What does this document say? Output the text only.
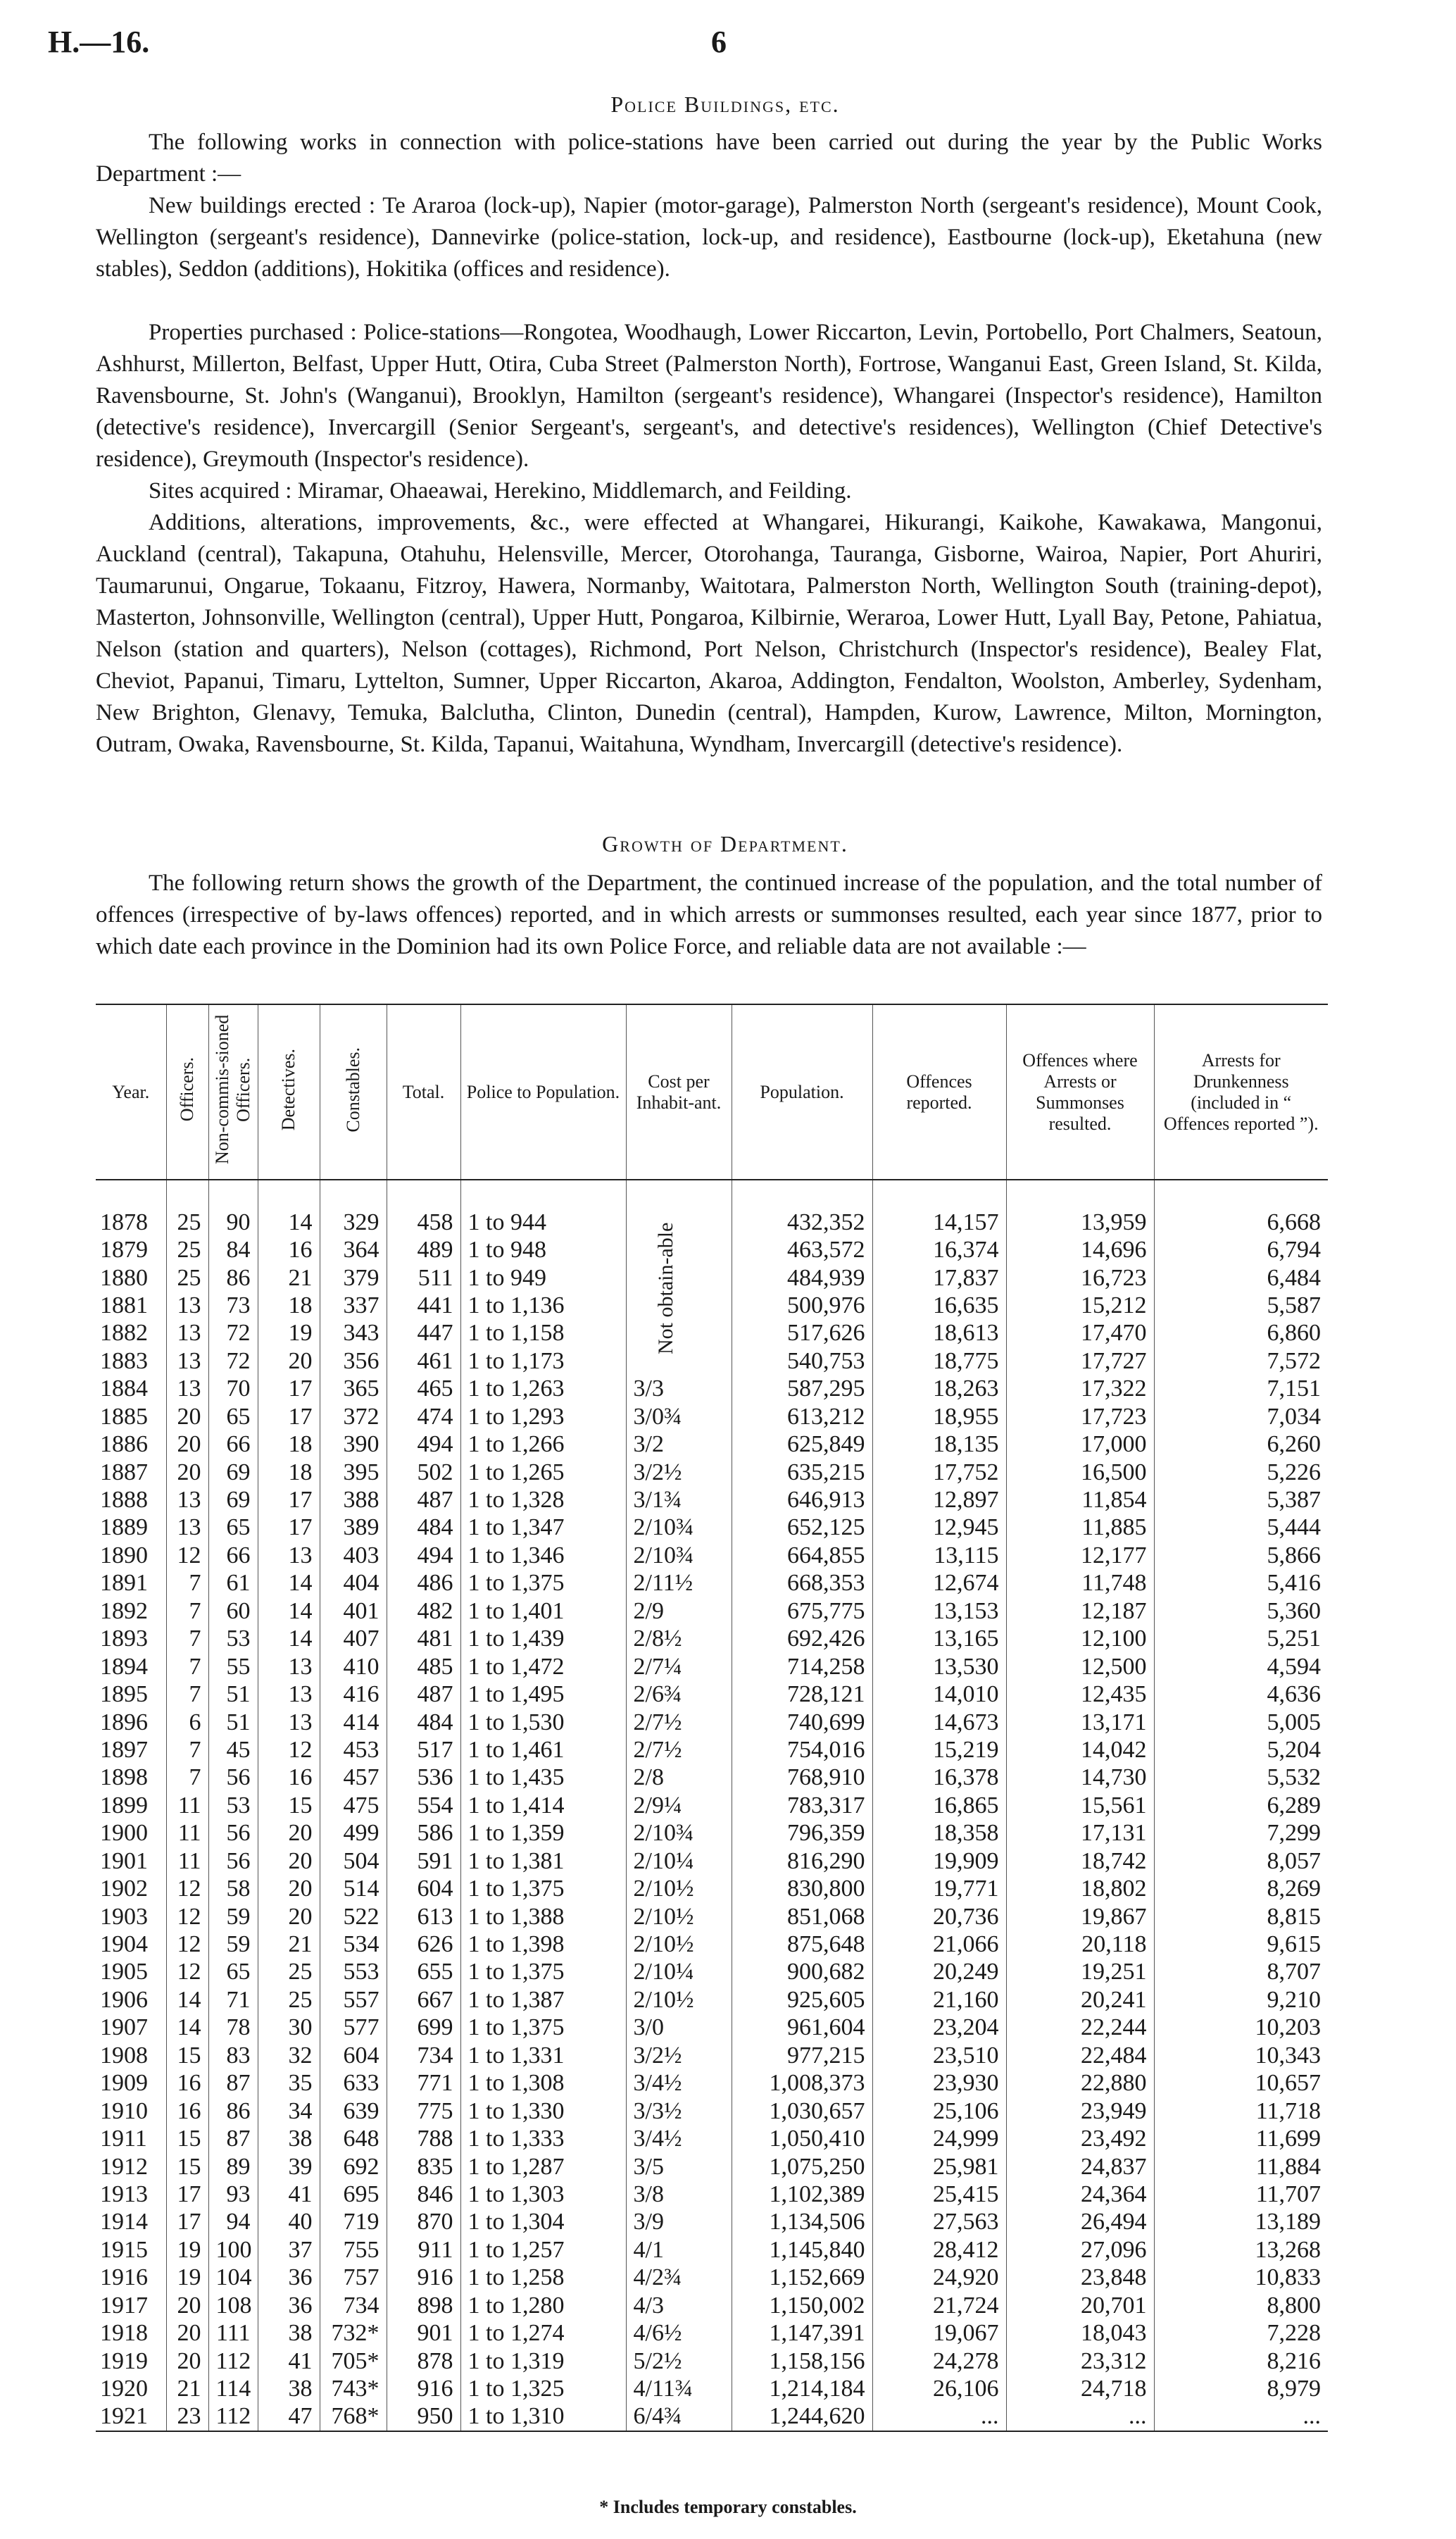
H.—16.	6
Police Buildings, etc.

The following works in connection with police-stations have been carried out during the year by the Public Works Department :—

New buildings erected : Te Araroa (lock-up), Napier (motor-garage), Palmerston North (sergeant's residence), Mount Cook, Wellington (sergeant's residence), Dannevirke (police-station, lock-up, and residence), Eastbourne (lock-up), Eketahuna (new stables), Seddon (additions), Hokitika (offices and residence).

Properties purchased : Police-stations—Rongotea, Woodhaugh, Lower Riccarton, Levin, Portobello, Port Chalmers, Seatoun, Ashhurst, Millerton, Belfast, Upper Hutt, Otira, Cuba Street (Palmerston North), Fortrose, Wanganui East, Green Island, St. Kilda, Ravensbourne, St. John's (Wanganui), Brooklyn, Hamilton (sergeant's residence), Whangarei (Inspector's residence), Hamilton (detective's residence), Invercargill (Senior Sergeant's, sergeant's, and detective's residences), Wellington (Chief Detective's residence), Greymouth (Inspector's residence).

Sites acquired : Miramar, Ohaeawai, Herekino, Middlemarch, and Feilding.

Additions, alterations, improvements, &c., were effected at Whangarei, Hikurangi, Kaikohe, Kawakawa, Mangonui, Auckland (central), Takapuna, Otahuhu, Helensville, Mercer, Otorohanga, Tauranga, Gisborne, Wairoa, Napier, Port Ahuriri, Taumarunui, Ongarue, Tokaanu, Fitzroy, Hawera, Normanby, Waitotara, Palmerston North, Wellington South (training-depot), Masterton, Johnsonville, Wellington (central), Upper Hutt, Pongaroa, Kilbirnie, Weraroa, Lower Hutt, Lyall Bay, Petone, Pahiatua, Nelson (station and quarters), Nelson (cottages), Richmond, Port Nelson, Christchurch (Inspector's residence), Bealey Flat, Cheviot, Papanui, Timaru, Lyttelton, Sumner, Upper Riccarton, Akaroa, Addington, Fendalton, Woolston, Amberley, Sydenham, New Brighton, Glenavy, Temuka, Balclutha, Clinton, Dunedin (central), Hampden, Kurow, Lawrence, Milton, Mornington, Outram, Owaka, Ravensbourne, St. Kilda, Tapanui, Waitahuna, Wyndham, Invercargill (detective's residence).

Growth of Department.

The following return shows the growth of the Department, the continued increase of the population, and the total number of offences (irrespective of by-laws offences) reported, and in which arrests or summonses resulted, each year since 1877, prior to which date each province in the Dominion had its own Police Force, and reliable data are not available :—

Year.	Officers.	Non-commis-sioned Officers.	Detectives.	Constables.	Total.	Police to Population.	Cost per Inhabit-ant.	Population.	Offences reported.	Offences where Arrests or Summonses resulted.	Arrests for Drunkenness (included in “ Offences reported ”).

1878	25	90	14	329	458	1 to 944	Not obtain-able	432,352	14,157	13,959	6,668
1879	25	84	16	364	489	1 to 948		463,572	16,374	14,696	6,794
1880	25	86	21	379	511	1 to 949		484,939	17,837	16,723	6,484
1881	13	73	18	337	441	1 to 1,136		500,976	16,635	15,212	5,587
1882	13	72	19	343	447	1 to 1,158		517,626	18,613	17,470	6,860
1883	13	72	20	356	461	1 to 1,173		540,753	18,775	17,727	7,572
1884	13	70	17	365	465	1 to 1,263	3/3	587,295	18,263	17,322	7,151
1885	20	65	17	372	474	1 to 1,293	3/0¾	613,212	18,955	17,723	7,034
1886	20	66	18	390	494	1 to 1,266	3/2	625,849	18,135	17,000	6,260
1887	20	69	18	395	502	1 to 1,265	3/2½	635,215	17,752	16,500	5,226
1888	13	69	17	388	487	1 to 1,328	3/1¾	646,913	12,897	11,854	5,387
1889	13	65	17	389	484	1 to 1,347	2/10¾	652,125	12,945	11,885	5,444
1890	12	66	13	403	494	1 to 1,346	2/10¾	664,855	13,115	12,177	5,866
1891	7	61	14	404	486	1 to 1,375	2/11½	668,353	12,674	11,748	5,416
1892	7	60	14	401	482	1 to 1,401	2/9	675,775	13,153	12,187	5,360
1893	7	53	14	407	481	1 to 1,439	2/8½	692,426	13,165	12,100	5,251
1894	7	55	13	410	485	1 to 1,472	2/7¼	714,258	13,530	12,500	4,594
1895	7	51	13	416	487	1 to 1,495	2/6¾	728,121	14,010	12,435	4,636
1896	6	51	13	414	484	1 to 1,530	2/7½	740,699	14,673	13,171	5,005
1897	7	45	12	453	517	1 to 1,461	2/7½	754,016	15,219	14,042	5,204
1898	7	56	16	457	536	1 to 1,435	2/8	768,910	16,378	14,730	5,532
1899	11	53	15	475	554	1 to 1,414	2/9¼	783,317	16,865	15,561	6,289
1900	11	56	20	499	586	1 to 1,359	2/10¾	796,359	18,358	17,131	7,299
1901	11	56	20	504	591	1 to 1,381	2/10¼	816,290	19,909	18,742	8,057
1902	12	58	20	514	604	1 to 1,375	2/10½	830,800	19,771	18,802	8,269
1903	12	59	20	522	613	1 to 1,388	2/10½	851,068	20,736	19,867	8,815
1904	12	59	21	534	626	1 to 1,398	2/10½	875,648	21,066	20,118	9,615
1905	12	65	25	553	655	1 to 1,375	2/10¼	900,682	20,249	19,251	8,707
1906	14	71	25	557	667	1 to 1,387	2/10½	925,605	21,160	20,241	9,210
1907	14	78	30	577	699	1 to 1,375	3/0	961,604	23,204	22,244	10,203
1908	15	83	32	604	734	1 to 1,331	3/2½	977,215	23,510	22,484	10,343
1909	16	87	35	633	771	1 to 1,308	3/4½	1,008,373	23,930	22,880	10,657
1910	16	86	34	639	775	1 to 1,330	3/3½	1,030,657	25,106	23,949	11,718
1911	15	87	38	648	788	1 to 1,333	3/4½	1,050,410	24,999	23,492	11,699
1912	15	89	39	692	835	1 to 1,287	3/5	1,075,250	25,981	24,837	11,884
1913	17	93	41	695	846	1 to 1,303	3/8	1,102,389	25,415	24,364	11,707
1914	17	94	40	719	870	1 to 1,304	3/9	1,134,506	27,563	26,494	13,189
1915	19	100	37	755	911	1 to 1,257	4/1	1,145,840	28,412	27,096	13,268
1916	19	104	36	757	916	1 to 1,258	4/2¾	1,152,669	24,920	23,848	10,833
1917	20	108	36	734	898	1 to 1,280	4/3	1,150,002	21,724	20,701	8,800
1918	20	111	38	732*	901	1 to 1,274	4/6½	1,147,391	19,067	18,043	7,228
1919	20	112	41	705*	878	1 to 1,319	5/2½	1,158,156	24,278	23,312	8,216
1920	21	114	38	743*	916	1 to 1,325	4/11¾	1,214,184	26,106	24,718	8,979
1921	23	112	47	768*	950	1 to 1,310	6/4¾	1,244,620	...	...	...
* Includes temporary constables.
